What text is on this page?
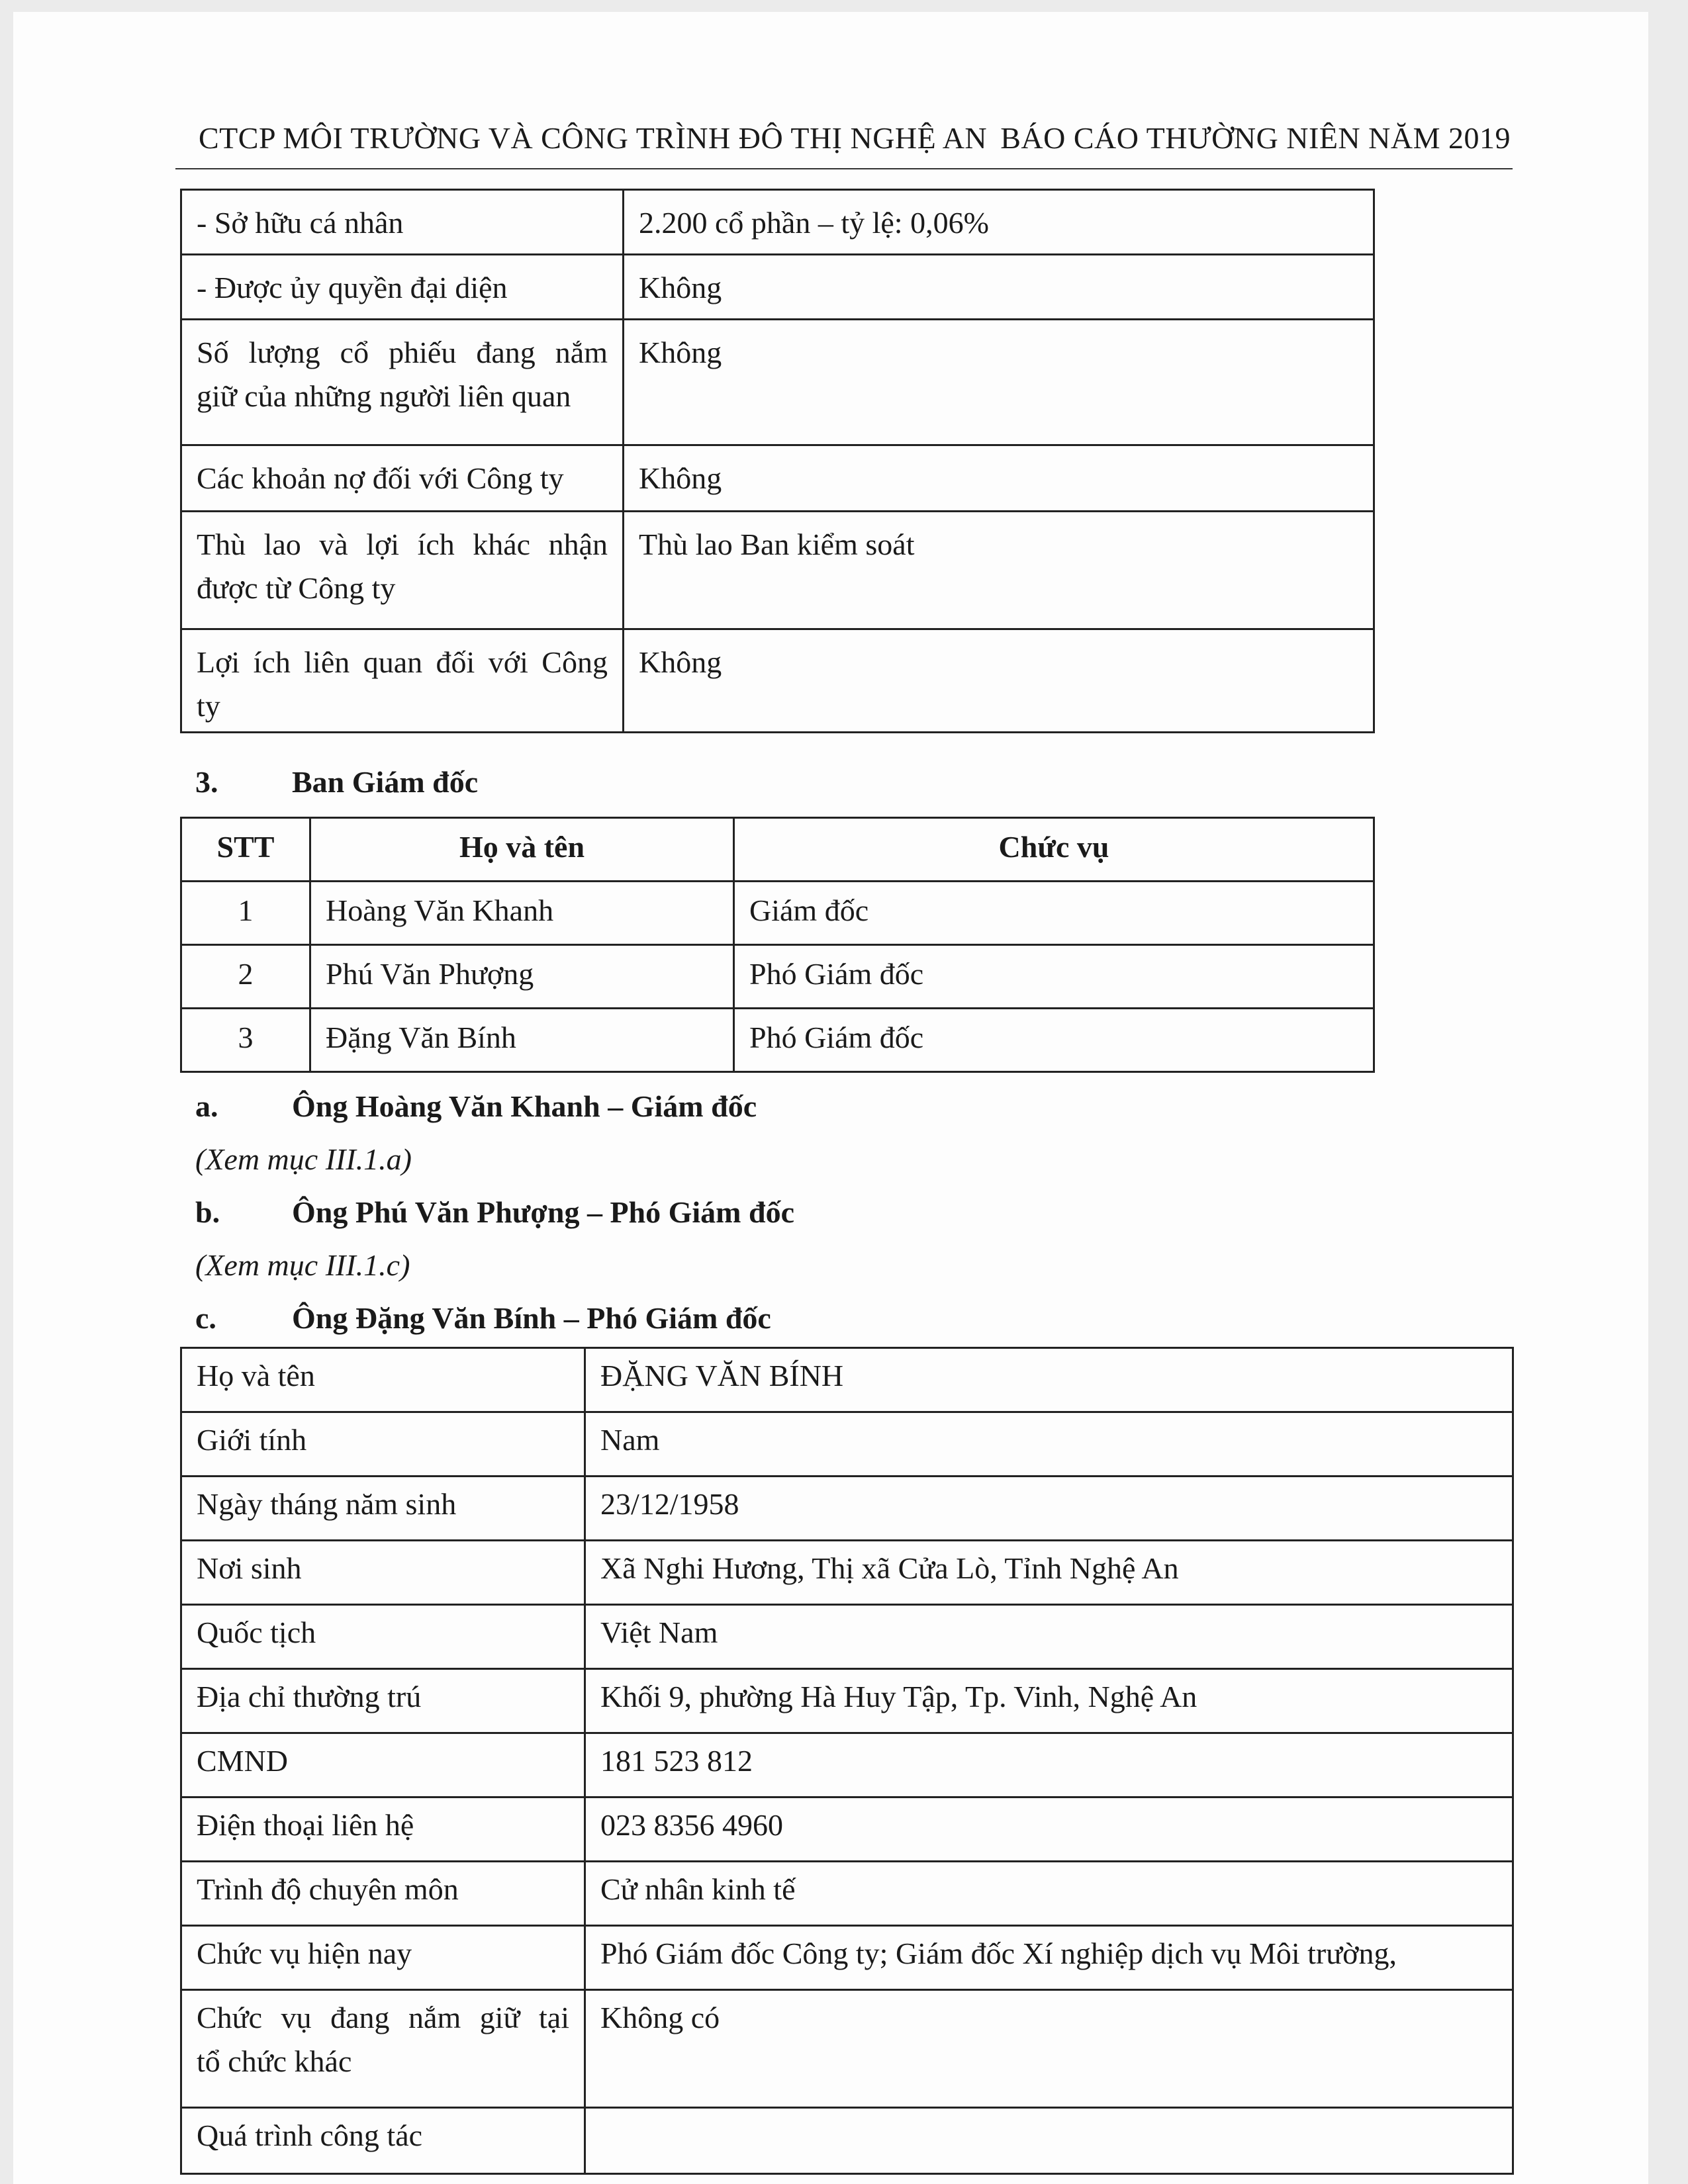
CTCP MÔI TRƯỜNG VÀ CÔNG TRÌNH ĐÔ THỊ NGHỆ AN BÁO CÁO THƯỜNG NIÊN NĂM 2019
- Sở hữu cá nhân	2.200 cổ phần – tỷ lệ: 0,06%
- Được ủy quyền đại diện	Không

Số lượng cổ phiếu đang nắm
giữ của những người liên quan	Không
Các khoản nợ đối với Công ty	Không

Thù lao và lợi ích khác nhận
được từ Công ty	Thù lao Ban kiểm soát

Lợi ích liên quan đối với Công
ty	Không
3. Ban Giám đốc
STT	Họ và tên	Chức vụ
1	Hoàng Văn Khanh	Giám đốc
2	Phú Văn Phượng	Phó Giám đốc
3	Đặng Văn Bính	Phó Giám đốc
a. Ông Hoàng Văn Khanh – Giám đốc
(Xem mục III.1.a)
b. Ông Phú Văn Phượng – Phó Giám đốc
(Xem mục III.1.c)
c. Ông Đặng Văn Bính – Phó Giám đốc
Họ và tên	ĐẶNG VĂN BÍNH
Giới tính	Nam
Ngày tháng năm sinh	23/12/1958
Nơi sinh	Xã Nghi Hương, Thị xã Cửa Lò, Tỉnh Nghệ An
Quốc tịch	Việt Nam
Địa chỉ thường trú	Khối 9, phường Hà Huy Tập, Tp. Vinh, Nghệ An
CMND	181 523 812
Điện thoại liên hệ	023 8356 4960
Trình độ chuyên môn	Cử nhân kinh tế
Chức vụ hiện nay	Phó Giám đốc Công ty; Giám đốc Xí nghiệp dịch vụ Môi trường,

Chức vụ đang nắm giữ tại
tổ chức khác	Không có
Quá trình công tác	
